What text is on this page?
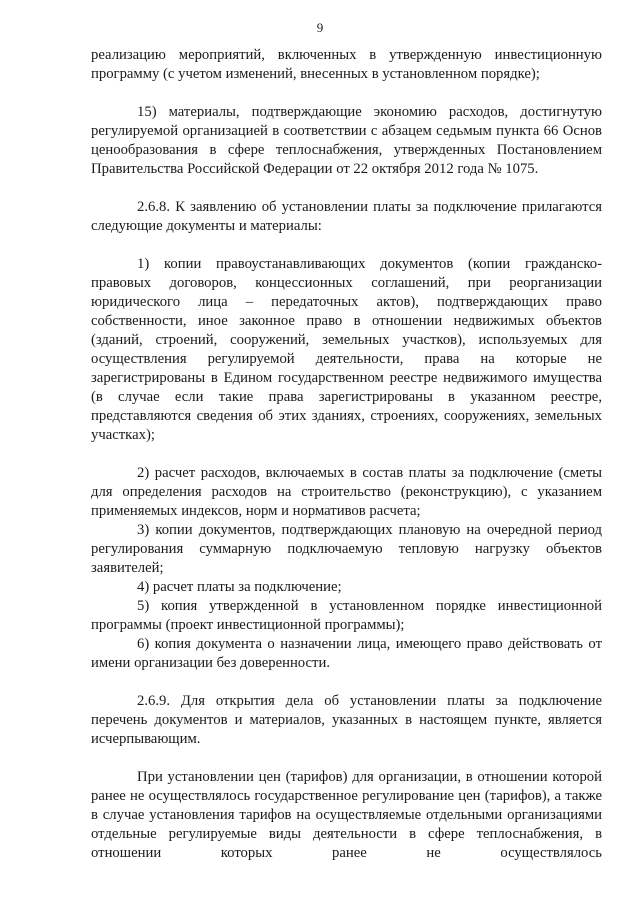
9

реализацию мероприятий, включенных в утвержденную инвестиционную программу (с учетом изменений, внесенных в установленном порядке);

15) материалы, подтверждающие экономию расходов, достигнутую регулируемой организацией в соответствии с абзацем седьмым пункта 66 Основ ценообразования в сфере теплоснабжения, утвержденных Постановлением Правительства Российской Федерации от 22 октября 2012 года № 1075.

2.6.8. К заявлению об установлении платы за подключение прилагаются следующие документы и материалы:

1) копии правоустанавливающих документов (копии гражданско-правовых договоров, концессионных соглашений, при реорганизации юридического лица – передаточных актов), подтверждающих право собственности, иное законное право в отношении недвижимых объектов (зданий, строений, сооружений, земельных участков), используемых для осуществления регулируемой деятельности, права на которые не зарегистрированы в Едином государственном реестре недвижимого имущества (в случае если такие права зарегистрированы в указанном реестре, представляются сведения об этих зданиях, строениях, сооружениях, земельных участках);

2) расчет расходов, включаемых в состав платы за подключение (сметы для определения расходов на строительство (реконструкцию), с указанием применяемых индексов, норм и нормативов расчета;

3) копии документов, подтверждающих плановую на очередной период регулирования суммарную подключаемую тепловую нагрузку объектов заявителей;

4) расчет платы за подключение;

5) копия утвержденной в установленном порядке инвестиционной программы (проект инвестиционной программы);

6) копия документа о назначении лица, имеющего право действовать от имени организации без доверенности.

2.6.9. Для открытия дела об установлении платы за подключение перечень документов и материалов, указанных в настоящем пункте, является исчерпывающим.

При установлении цен (тарифов) для организации, в отношении которой ранее не осуществлялось государственное регулирование цен (тарифов), а также в случае установления тарифов на осуществляемые отдельными организациями отдельные регулируемые виды деятельности в сфере теплоснабжения, в отношении которых ранее не осуществлялось
